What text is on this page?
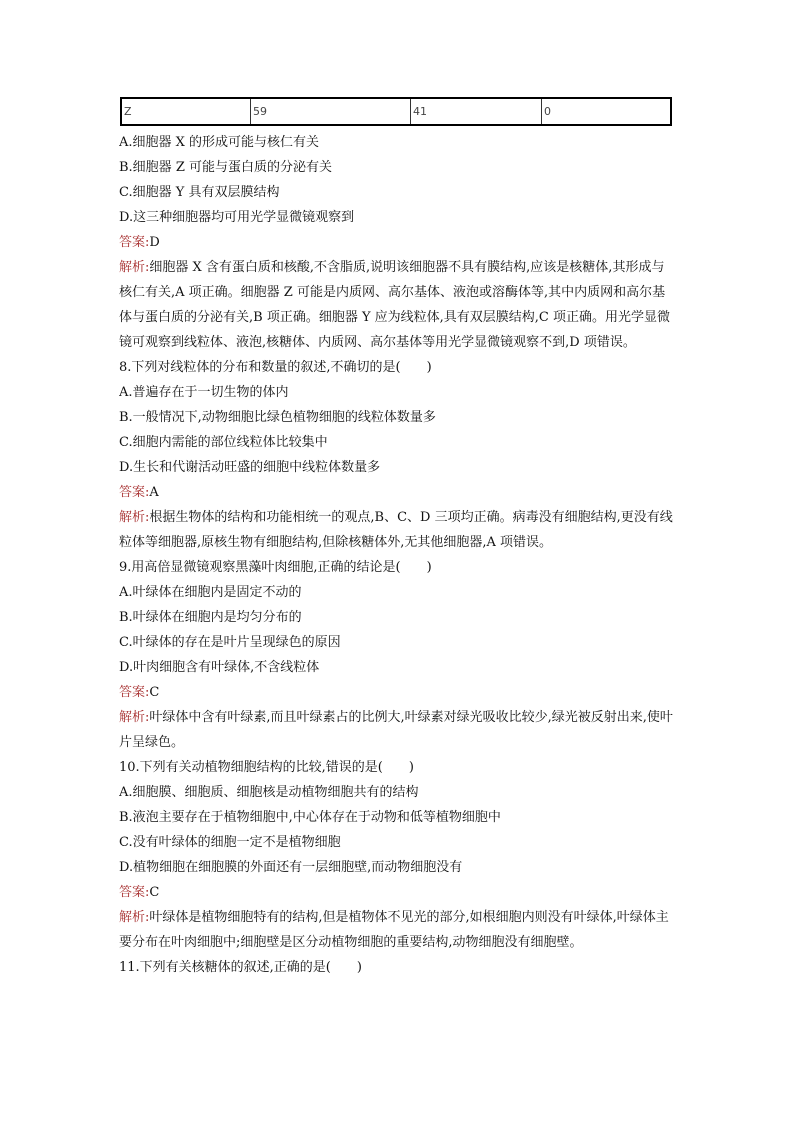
Z	59	41	0
A.细胞器 X 的形成可能与核仁有关
B.细胞器 Z 可能与蛋白质的分泌有关
C.细胞器 Y 具有双层膜结构
D.这三种细胞器均可用光学显微镜观察到
答案:D
解析:细胞器 X 含有蛋白质和核酸,不含脂质,说明该细胞器不具有膜结构,应该是核糖体,其形成与核仁有关,A 项正确。细胞器 Z 可能是内质网、高尔基体、液泡或溶酶体等,其中内质网和高尔基体与蛋白质的分泌有关,B 项正确。细胞器 Y 应为线粒体,具有双层膜结构,C 项正确。用光学显微镜可观察到线粒体、液泡,核糖体、内质网、高尔基体等用光学显微镜观察不到,D 项错误。
8.下列对线粒体的分布和数量的叙述,不确切的是(　　)
A.普遍存在于一切生物的体内
B.一般情况下,动物细胞比绿色植物细胞的线粒体数量多
C.细胞内需能的部位线粒体比较集中
D.生长和代谢活动旺盛的细胞中线粒体数量多
答案:A
解析:根据生物体的结构和功能相统一的观点,B、C、D 三项均正确。病毒没有细胞结构,更没有线粒体等细胞器,原核生物有细胞结构,但除核糖体外,无其他细胞器,A 项错误。
9.用高倍显微镜观察黑藻叶肉细胞,正确的结论是(　　)
A.叶绿体在细胞内是固定不动的
B.叶绿体在细胞内是均匀分布的
C.叶绿体的存在是叶片呈现绿色的原因
D.叶肉细胞含有叶绿体,不含线粒体
答案:C
解析:叶绿体中含有叶绿素,而且叶绿素占的比例大,叶绿素对绿光吸收比较少,绿光被反射出来,使叶片呈绿色。
10.下列有关动植物细胞结构的比较,错误的是(　　)
A.细胞膜、细胞质、细胞核是动植物细胞共有的结构
B.液泡主要存在于植物细胞中,中心体存在于动物和低等植物细胞中
C.没有叶绿体的细胞一定不是植物细胞
D.植物细胞在细胞膜的外面还有一层细胞壁,而动物细胞没有
答案:C
解析:叶绿体是植物细胞特有的结构,但是植物体不见光的部分,如根细胞内则没有叶绿体,叶绿体主要分布在叶肉细胞中;细胞壁是区分动植物细胞的重要结构,动物细胞没有细胞壁。
11.下列有关核糖体的叙述,正确的是(　　)
